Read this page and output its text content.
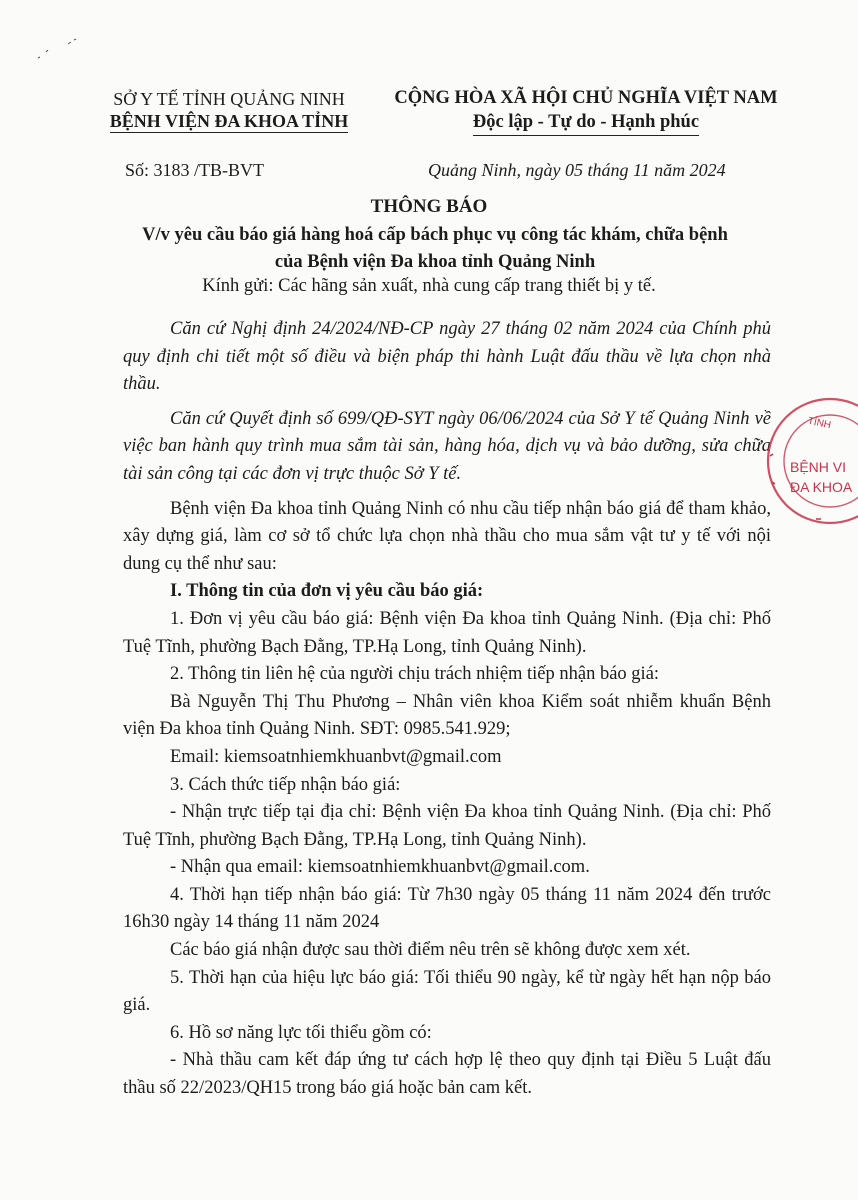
SỞ Y TẾ TỈNH QUẢNG NINH
BỆNH VIỆN ĐA KHOA TỈNH
CỘNG HÒA XÃ HỘI CHỦ NGHĨA VIỆT NAM
Độc lập - Tự do - Hạnh phúc
Số: 3183 /TB-BVT	Quảng Ninh, ngày 05 tháng 11 năm 2024
THÔNG BÁO
V/v yêu cầu báo giá hàng hoá cấp bách phục vụ công tác khám, chữa bệnh
của Bệnh viện Đa khoa tỉnh Quảng Ninh
Kính gửi: Các hãng sản xuất, nhà cung cấp trang thiết bị y tế.

Căn cứ Nghị định 24/2024/NĐ-CP ngày 27 tháng 02 năm 2024 của Chính phủ quy định chi tiết một số điều và biện pháp thi hành Luật đấu thầu về lựa chọn nhà thầu.

Căn cứ Quyết định số 699/QĐ-SYT ngày 06/06/2024 của Sở Y tế Quảng Ninh về việc ban hành quy trình mua sắm tài sản, hàng hóa, dịch vụ và bảo dưỡng, sửa chữa tài sản công tại các đơn vị trực thuộc Sở Y tế.

Bệnh viện Đa khoa tỉnh Quảng Ninh có nhu cầu tiếp nhận báo giá để tham khảo, xây dựng giá, làm cơ sở tổ chức lựa chọn nhà thầu cho mua sắm vật tư y tế với nội dung cụ thể như sau:

I. Thông tin của đơn vị yêu cầu báo giá:

1. Đơn vị yêu cầu báo giá: Bệnh viện Đa khoa tỉnh Quảng Ninh. (Địa chỉ: Phố Tuệ Tĩnh, phường Bạch Đằng, TP.Hạ Long, tỉnh Quảng Ninh).

2. Thông tin liên hệ của người chịu trách nhiệm tiếp nhận báo giá:

Bà Nguyễn Thị Thu Phương – Nhân viên khoa Kiểm soát nhiễm khuẩn Bệnh viện Đa khoa tỉnh Quảng Ninh. SĐT: 0985.541.929;

Email: kiemsoatnhiemkhuanbvt@gmail.com

3. Cách thức tiếp nhận báo giá:

- Nhận trực tiếp tại địa chỉ: Bệnh viện Đa khoa tỉnh Quảng Ninh. (Địa chỉ: Phố Tuệ Tĩnh, phường Bạch Đằng, TP.Hạ Long, tỉnh Quảng Ninh).

- Nhận qua email: kiemsoatnhiemkhuanbvt@gmail.com.

4. Thời hạn tiếp nhận báo giá: Từ 7h30 ngày 05 tháng 11 năm 2024 đến trước 16h30 ngày 14 tháng 11 năm 2024

Các báo giá nhận được sau thời điểm nêu trên sẽ không được xem xét.

5. Thời hạn của hiệu lực báo giá: Tối thiểu 90 ngày, kể từ ngày hết hạn nộp báo giá.

6. Hồ sơ năng lực tối thiểu gồm có:

- Nhà thầu cam kết đáp ứng tư cách hợp lệ theo quy định tại Điều 5 Luật đấu thầu số 22/2023/QH15 trong báo giá hoặc bản cam kết.

TỈNH
BỆNH VI
ĐA KHOA
